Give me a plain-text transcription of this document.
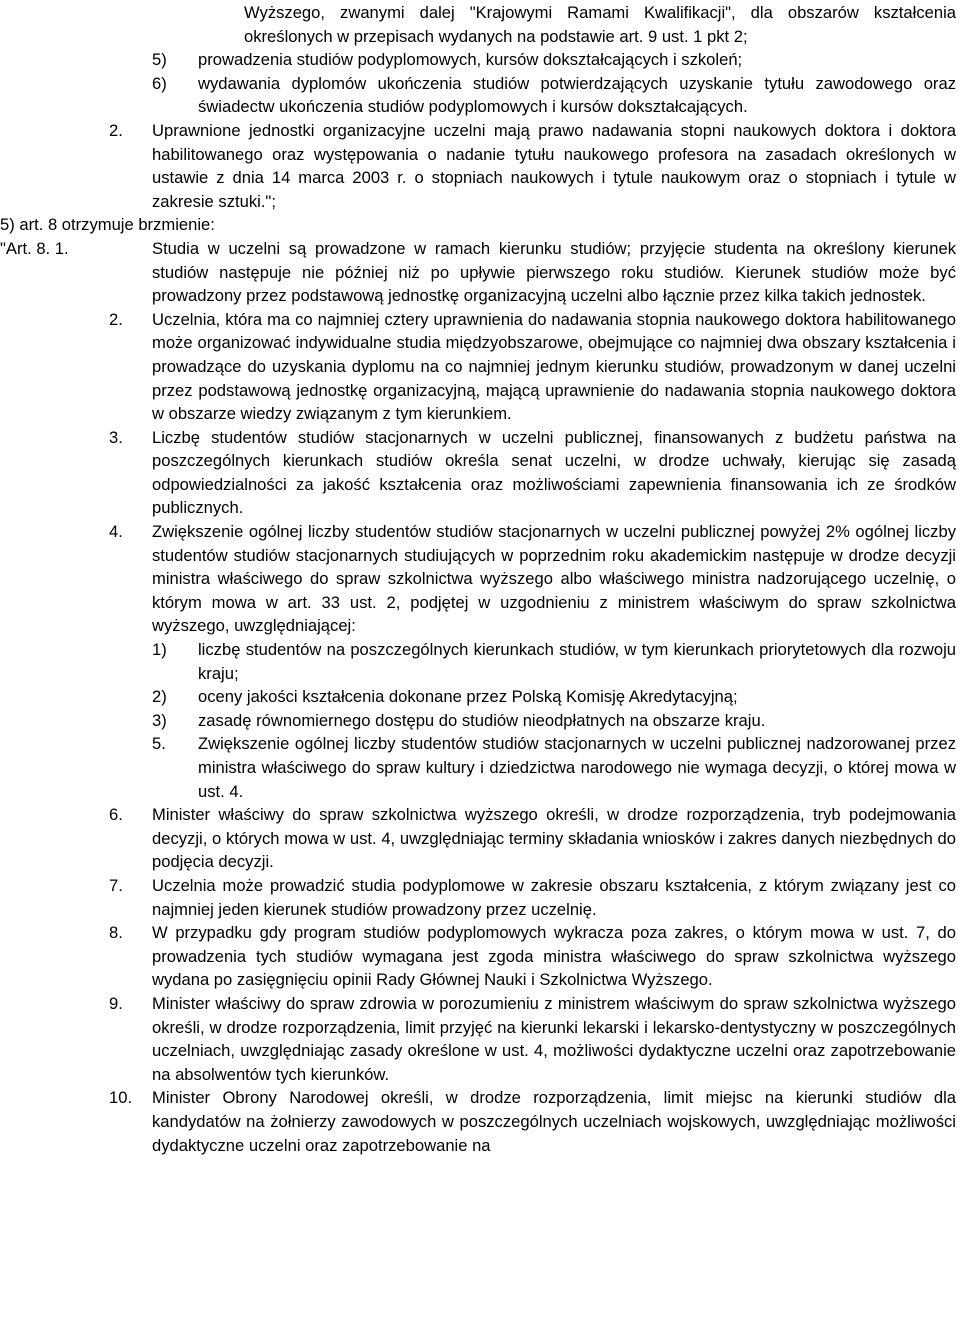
Wyższego, zwanymi dalej "Krajowymi Ramami Kwalifikacji", dla obszarów kształcenia określonych w przepisach wydanych na podstawie art. 9 ust. 1 pkt 2;

5) prowadzenia studiów podyplomowych, kursów dokształcających i szkoleń;
6) wydawania dyplomów ukończenia studiów potwierdzających uzyskanie tytułu zawodowego oraz świadectw ukończenia studiów podyplomowych i kursów dokształcających.
2. Uprawnione jednostki organizacyjne uczelni mają prawo nadawania stopni naukowych doktora i doktora habilitowanego oraz występowania o nadanie tytułu naukowego profesora na zasadach określonych w ustawie z dnia 14 marca 2003 r. o stopniach naukowych i tytule naukowym oraz o stopniach i tytule w zakresie sztuki.";
5) art. 8 otrzymuje brzmienie:
"Art. 8. 1.	Studia w uczelni są prowadzone w ramach kierunku studiów; przyjęcie studenta na określony kierunek studiów następuje nie później niż po upływie pierwszego roku studiów. Kierunek studiów może być prowadzony przez podstawową jednostkę organizacyjną uczelni albo łącznie przez kilka takich jednostek.
2. Uczelnia, która ma co najmniej cztery uprawnienia do nadawania stopnia naukowego doktora habilitowanego może organizować indywidualne studia międzyobszarowe, obejmujące co najmniej dwa obszary kształcenia i prowadzące do uzyskania dyplomu na co najmniej jednym kierunku studiów, prowadzonym w danej uczelni przez podstawową jednostkę organizacyjną, mającą uprawnienie do nadawania stopnia naukowego doktora w obszarze wiedzy związanym z tym kierunkiem.
3. Liczbę studentów studiów stacjonarnych w uczelni publicznej, finansowanych z budżetu państwa na poszczególnych kierunkach studiów określa senat uczelni, w drodze uchwały, kierując się zasadą odpowiedzialności za jakość kształcenia oraz możliwościami zapewnienia finansowania ich ze środków publicznych.
4. Zwiększenie ogólnej liczby studentów studiów stacjonarnych w uczelni publicznej powyżej 2% ogólnej liczby studentów studiów stacjonarnych studiujących w poprzednim roku akademickim następuje w drodze decyzji ministra właściwego do spraw szkolnictwa wyższego albo właściwego ministra nadzorującego uczelnię, o którym mowa w art. 33 ust. 2, podjętej w uzgodnieniu z ministrem właściwym do spraw szkolnictwa wyższego, uwzględniającej:
1) liczbę studentów na poszczególnych kierunkach studiów, w tym kierunkach priorytetowych dla rozwoju kraju;
2) oceny jakości kształcenia dokonane przez Polską Komisję Akredytacyjną;
3) zasadę równomiernego dostępu do studiów nieodpłatnych na obszarze kraju.
5. Zwiększenie ogólnej liczby studentów studiów stacjonarnych w uczelni publicznej nadzorowanej przez ministra właściwego do spraw kultury i dziedzictwa narodowego nie wymaga decyzji, o której mowa w ust. 4.
6. Minister właściwy do spraw szkolnictwa wyższego określi, w drodze rozporządzenia, tryb podejmowania decyzji, o których mowa w ust. 4, uwzględniając terminy składania wniosków i zakres danych niezbędnych do podjęcia decyzji.
7. Uczelnia może prowadzić studia podyplomowe w zakresie obszaru kształcenia, z którym związany jest co najmniej jeden kierunek studiów prowadzony przez uczelnię.
8. W przypadku gdy program studiów podyplomowych wykracza poza zakres, o którym mowa w ust. 7, do prowadzenia tych studiów wymagana jest zgoda ministra właściwego do spraw szkolnictwa wyższego wydana po zasięgnięciu opinii Rady Głównej Nauki i Szkolnictwa Wyższego.
9. Minister właściwy do spraw zdrowia w porozumieniu z ministrem właściwym do spraw szkolnictwa wyższego określi, w drodze rozporządzenia, limit przyjęć na kierunki lekarski i lekarsko-dentystyczny w poszczególnych uczelniach, uwzględniając zasady określone w ust. 4, możliwości dydaktyczne uczelni oraz zapotrzebowanie na absolwentów tych kierunków.
10. Minister Obrony Narodowej określi, w drodze rozporządzenia, limit miejsc na kierunki studiów dla kandydatów na żołnierzy zawodowych w poszczególnych uczelniach wojskowych, uwzględniając możliwości dydaktyczne uczelni oraz zapotrzebowanie na
